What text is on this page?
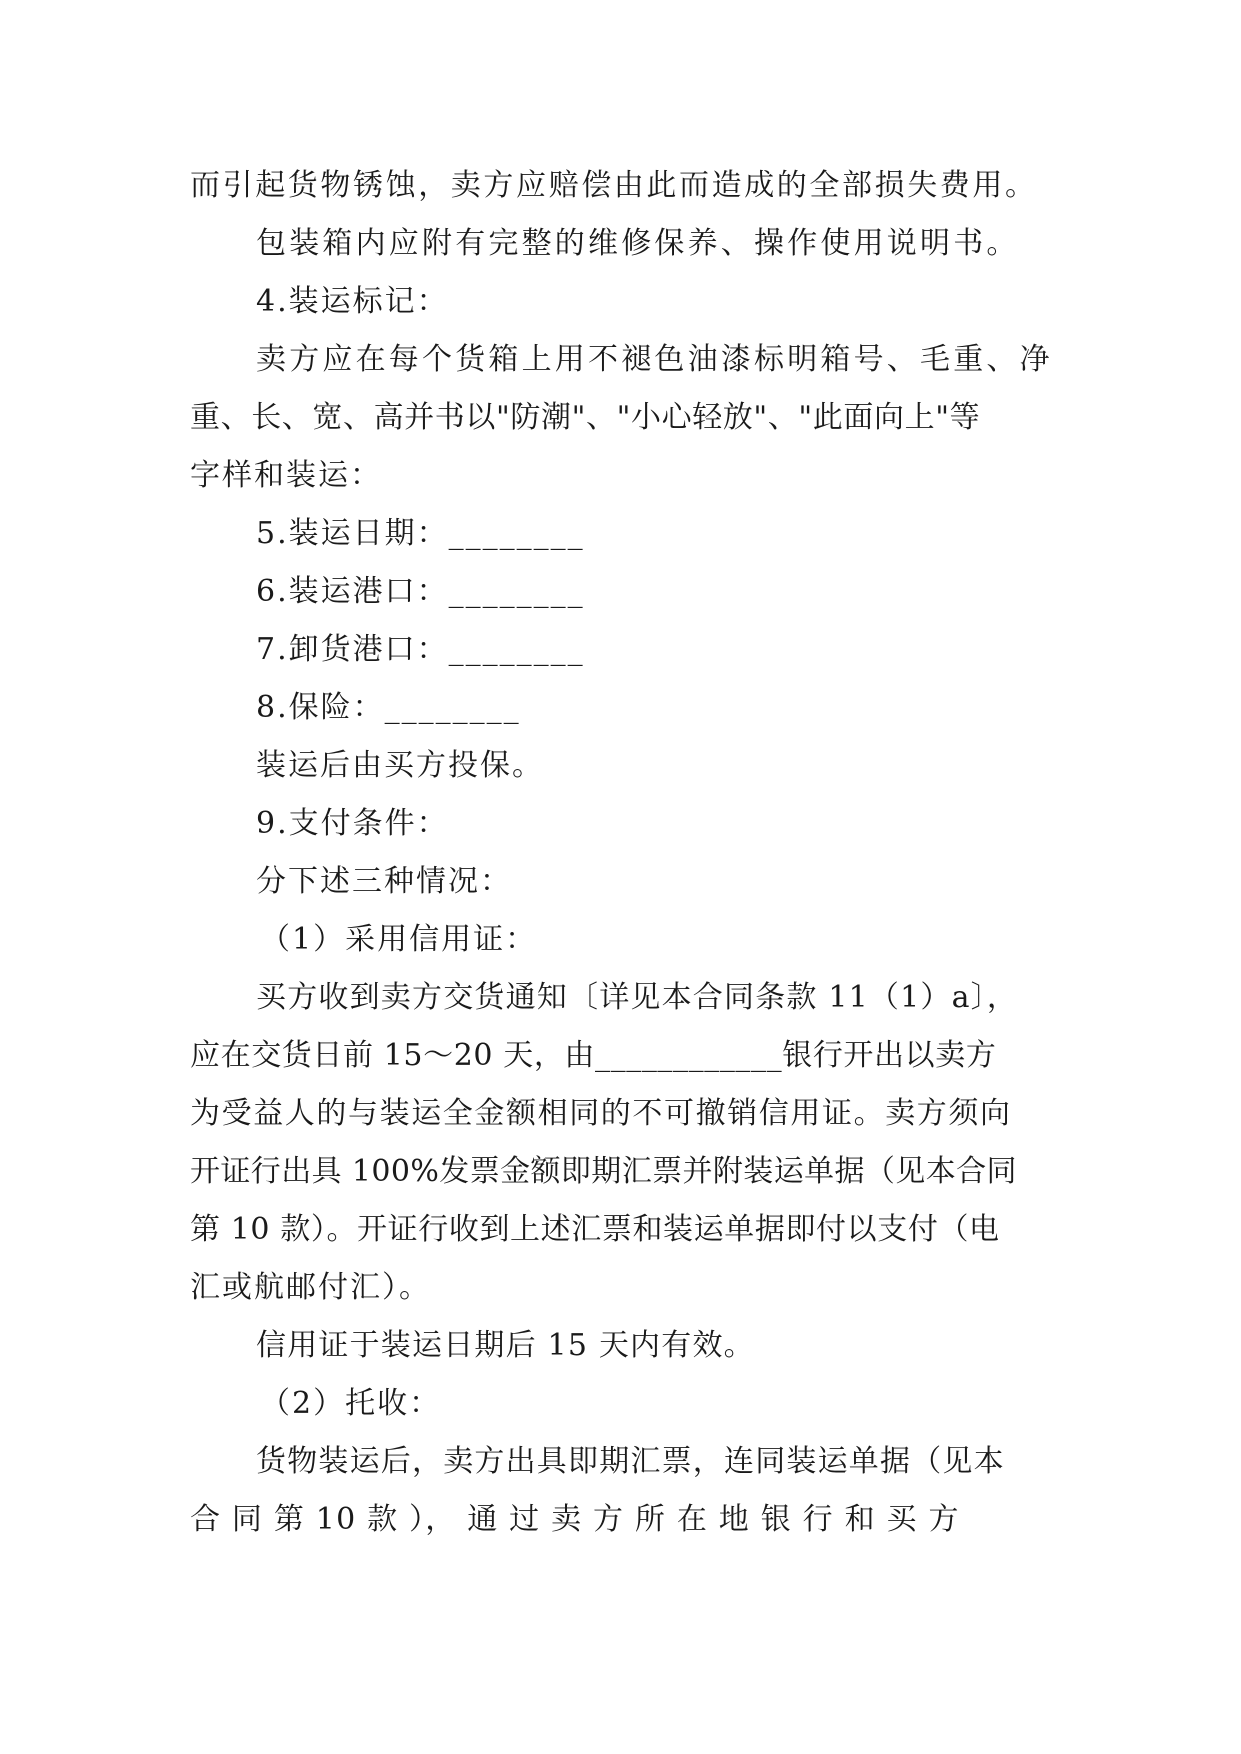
而引起货物锈蚀，卖方应赔偿由此而造成的全部损失费用。
包装箱内应附有完整的维修保养、操作使用说明书。
4.装运标记：
卖方应在每个货箱上用不褪色油漆标明箱号、毛重、净
重、长、宽、高并书以"防潮"、"小心轻放"、"此面向上"等
字样和装运：
5.装运日期：________
6.装运港口：________
7.卸货港口：________
8.保险：________
装运后由买方投保。
9.支付条件：
分下述三种情况：
（1）采用信用证：
买方收到卖方交货通知〔详见本合同条款 11（1）a〕，
应在交货日前 15～20 天，由____________银行开出以卖方
为受益人的与装运全金额相同的不可撤销信用证。卖方须向
开证行出具 100%发票金额即期汇票并附装运单据（见本合同
第 10 款）。开证行收到上述汇票和装运单据即付以支付（电
汇或航邮付汇）。
信用证于装运日期后 15 天内有效。
（2）托收：
货物装运后，卖方出具即期汇票，连同装运单据（见本
合 同 第 10 款 ）， 通 过 卖 方 所 在 地 银 行 和 买 方
